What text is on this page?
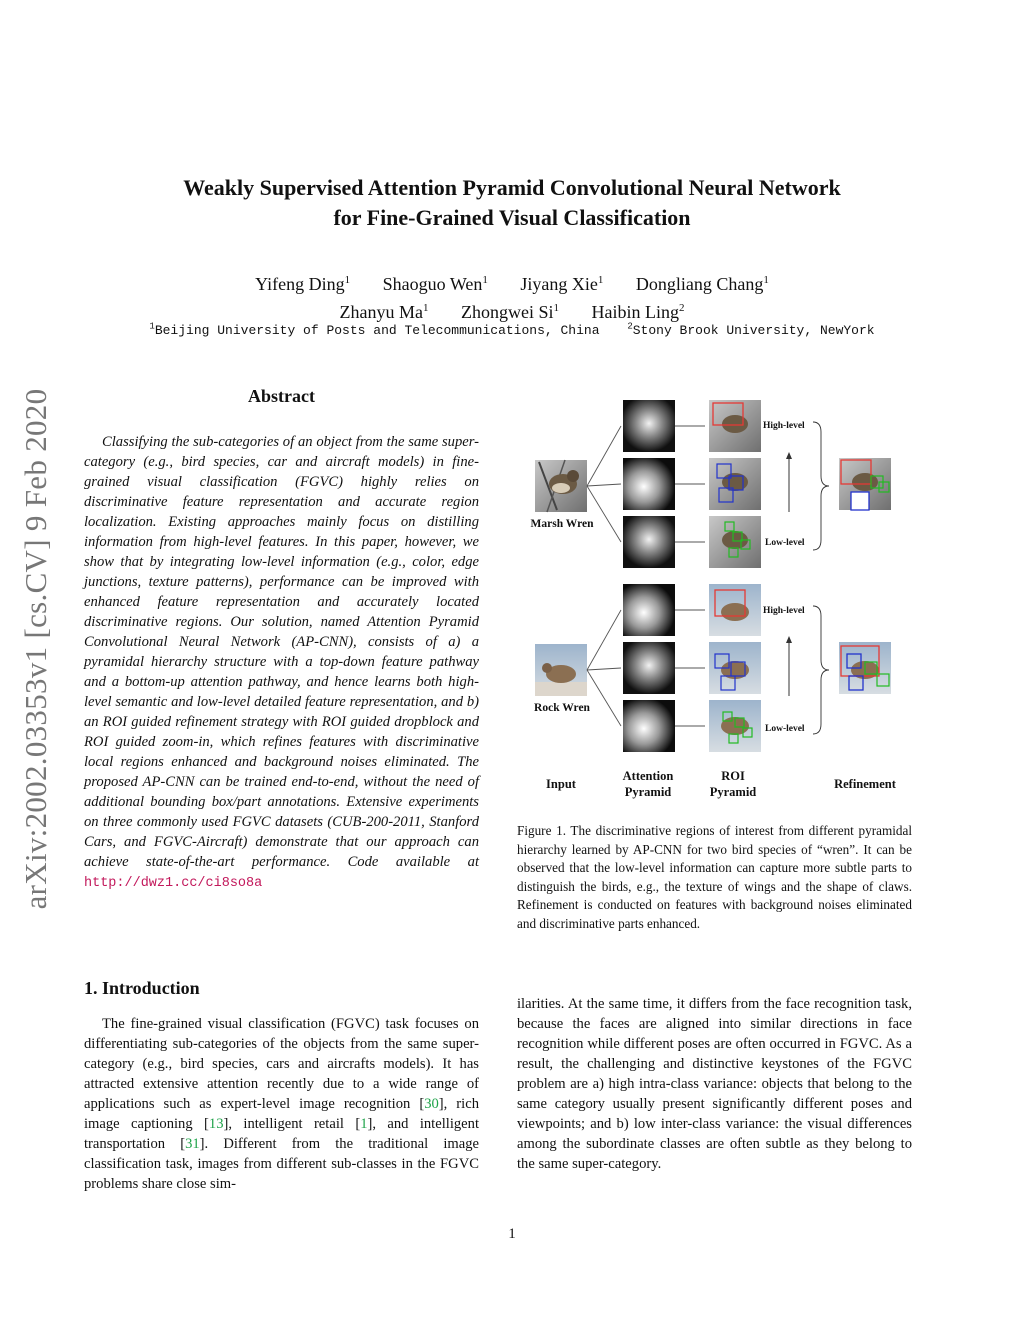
Weakly Supervised Attention Pyramid Convolutional Neural Network
for Fine-Grained Visual Classification
Yifeng Ding$^1$ Shaoguo Wen$^1$ Jiyang Xie$^1$ Dongliang Chang$^1$
Zhanyu Ma$^1$ Zhongwei Si$^1$ Haibin Ling$^2$
$^1$Beijing University of Posts and Telecommunications, China	$^2$Stony Brook University, NewYork
arXiv:2002.03353v1 [cs.CV] 9 Feb 2020	Abstract
Classifying the sub-categories of an object from the same super-category (e.g., bird species, car and aircraft models) in fine-grained visual classification (FGVC) highly relies on discriminative feature representation and accurate region localization. Existing approaches mainly focus on distilling information from high-level features. In this paper, however, we show that by integrating low-level information (e.g., color, edge junctions, texture patterns), performance can be improved with enhanced feature representation and accurately located discriminative regions. Our solution, named Attention Pyramid Convolutional Neural Network (AP-CNN), consists of a) a pyramidal hierarchy structure with a top-down feature pathway and a bottom-up attention pathway, and hence learns both high-level semantic and low-level detailed feature representation, and b) an ROI guided refinement strategy with ROI guided dropblock and ROI guided zoom-in, which refines features with discriminative local regions enhanced and background noises eliminated. The proposed AP-CNN can be trained end-to-end, without the need of additional bounding box/part annotations. Extensive experiments on three commonly used FGVC datasets (CUB-200-2011, Stanford Cars, and FGVC-Aircraft) demonstrate that our approach can achieve state-of-the-art performance. Code available at http://dwz1.cc/ci8so8a
Marsh Wren
Rock Wren
High-level
Low-level
High-level
Low-level
Input
Attention Pyramid
ROI Pyramid
Refinement
Figure 1. The discriminative regions of interest from different pyramidal hierarchy learned by AP-CNN for two bird species of “wren”. It can be observed that the low-level information can capture more subtle parts to distinguish the birds, e.g., the texture of wings and the shape of claws. Refinement is conducted on features with background noises eliminated and discriminative parts enhanced.
1. Introduction
The fine-grained visual classification (FGVC) task focuses on differentiating sub-categories of the objects from the same super-category (e.g., bird species, cars and aircrafts models). It has attracted extensive attention recently due to a wide range of applications such as expert-level image recognition [30], rich image captioning [13], intelligent retail [1], and intelligent transportation [31]. Different from the traditional image classification task, images from different sub-classes in the FGVC problems share close sim-
ilarities. At the same time, it differs from the face recognition task, because the faces are aligned into similar directions in face recognition while different poses are often occurred in FGVC. As a result, the challenging and distinctive keystones of the FGVC problem are a) high intra-class variance: objects that belong to the same category usually present significantly different poses and viewpoints; and b) low inter-class variance: the visual differences among the subordinate classes are often subtle as they belong to the same super-category.
1
